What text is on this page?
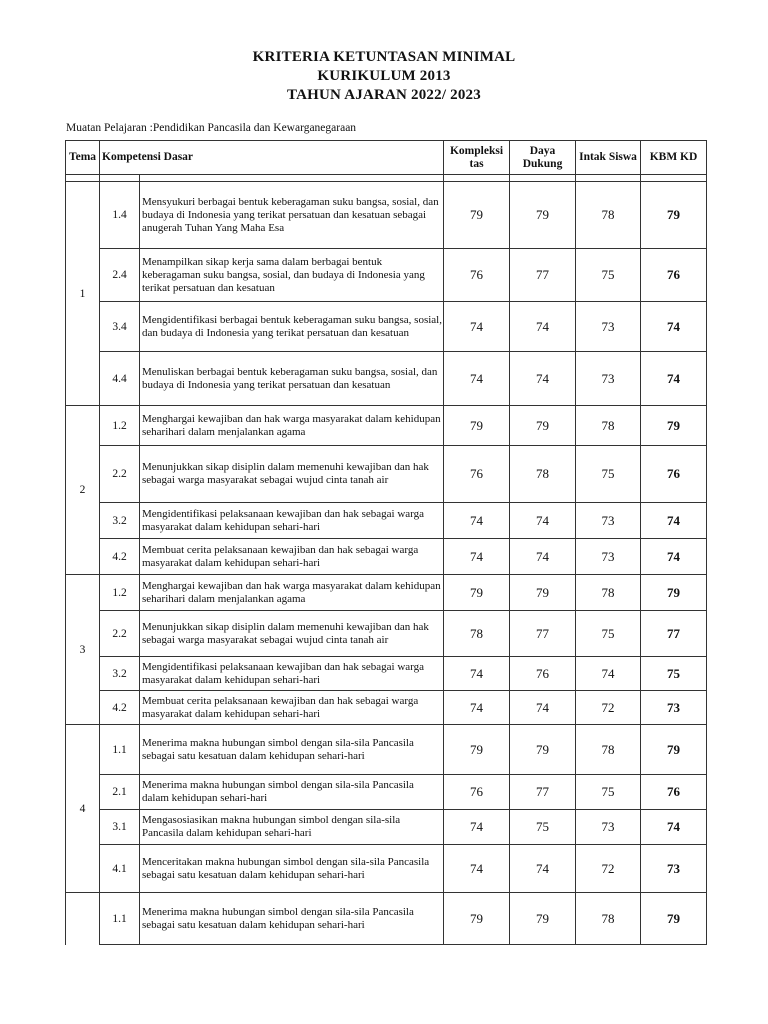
KRITERIA KETUNTASAN MINIMAL
KURIKULUM 2013
TAHUN AJARAN 2022/ 2023
Muatan Pelajaran :Pendidikan Pancasila dan Kewarganegaraan
Tema	Kompetensi Dasar		Kompleksi tas	Daya Dukung	Intak Siswa	KBM KD

1	1.4	Mensyukuri berbagai bentuk keberagaman suku bangsa, sosial, dan budaya di Indonesia yang terikat persatuan dan kesatuan sebagai anugerah Tuhan Yang Maha Esa	79	79	78	79
	2.4	Menampilkan sikap kerja sama dalam berbagai bentuk keberagaman suku bangsa, sosial, dan budaya di Indonesia yang terikat persatuan dan kesatuan	76	77	75	76
	3.4	Mengidentifikasi berbagai bentuk keberagaman suku bangsa, sosial, dan budaya di Indonesia yang terikat persatuan dan kesatuan	74	74	73	74
	4.4	Menuliskan berbagai bentuk keberagaman suku bangsa, sosial, dan budaya di Indonesia yang terikat persatuan dan kesatuan	74	74	73	74
2	1.2	Menghargai kewajiban dan hak warga masyarakat dalam kehidupan seharihari dalam menjalankan agama	79	79	78	79
	2.2	Menunjukkan sikap disiplin dalam memenuhi kewajiban dan hak sebagai warga masyarakat sebagai wujud cinta tanah air	76	78	75	76
	3.2	Mengidentifikasi pelaksanaan kewajiban dan hak sebagai warga masyarakat dalam kehidupan sehari-hari	74	74	73	74
	4.2	Membuat cerita pelaksanaan kewajiban dan hak sebagai warga masyarakat dalam kehidupan sehari-hari	74	74	73	74
3	1.2	Menghargai kewajiban dan hak warga masyarakat dalam kehidupan seharihari dalam menjalankan agama	79	79	78	79
	2.2	Menunjukkan sikap disiplin dalam memenuhi kewajiban dan hak sebagai warga masyarakat sebagai wujud cinta tanah air	78	77	75	77
	3.2	Mengidentifikasi pelaksanaan kewajiban dan hak sebagai warga masyarakat dalam kehidupan sehari-hari	74	76	74	75
	4.2	Membuat cerita pelaksanaan kewajiban dan hak sebagai warga masyarakat dalam kehidupan sehari-hari	74	74	72	73
4	1.1	Menerima makna hubungan simbol dengan sila-sila Pancasila sebagai satu kesatuan dalam kehidupan sehari-hari	79	79	78	79
	2.1	Menerima makna hubungan simbol dengan sila-sila Pancasila dalam kehidupan sehari-hari	76	77	75	76
	3.1	Mengasosiasikan makna hubungan simbol dengan sila-sila Pancasila dalam kehidupan sehari-hari	74	75	73	74
	4.1	Menceritakan makna hubungan simbol dengan sila-sila Pancasila sebagai satu kesatuan dalam kehidupan sehari-hari	74	74	72	73
	1.1	Menerima makna hubungan simbol dengan sila-sila Pancasila sebagai satu kesatuan dalam kehidupan sehari-hari	79	79	78	79
